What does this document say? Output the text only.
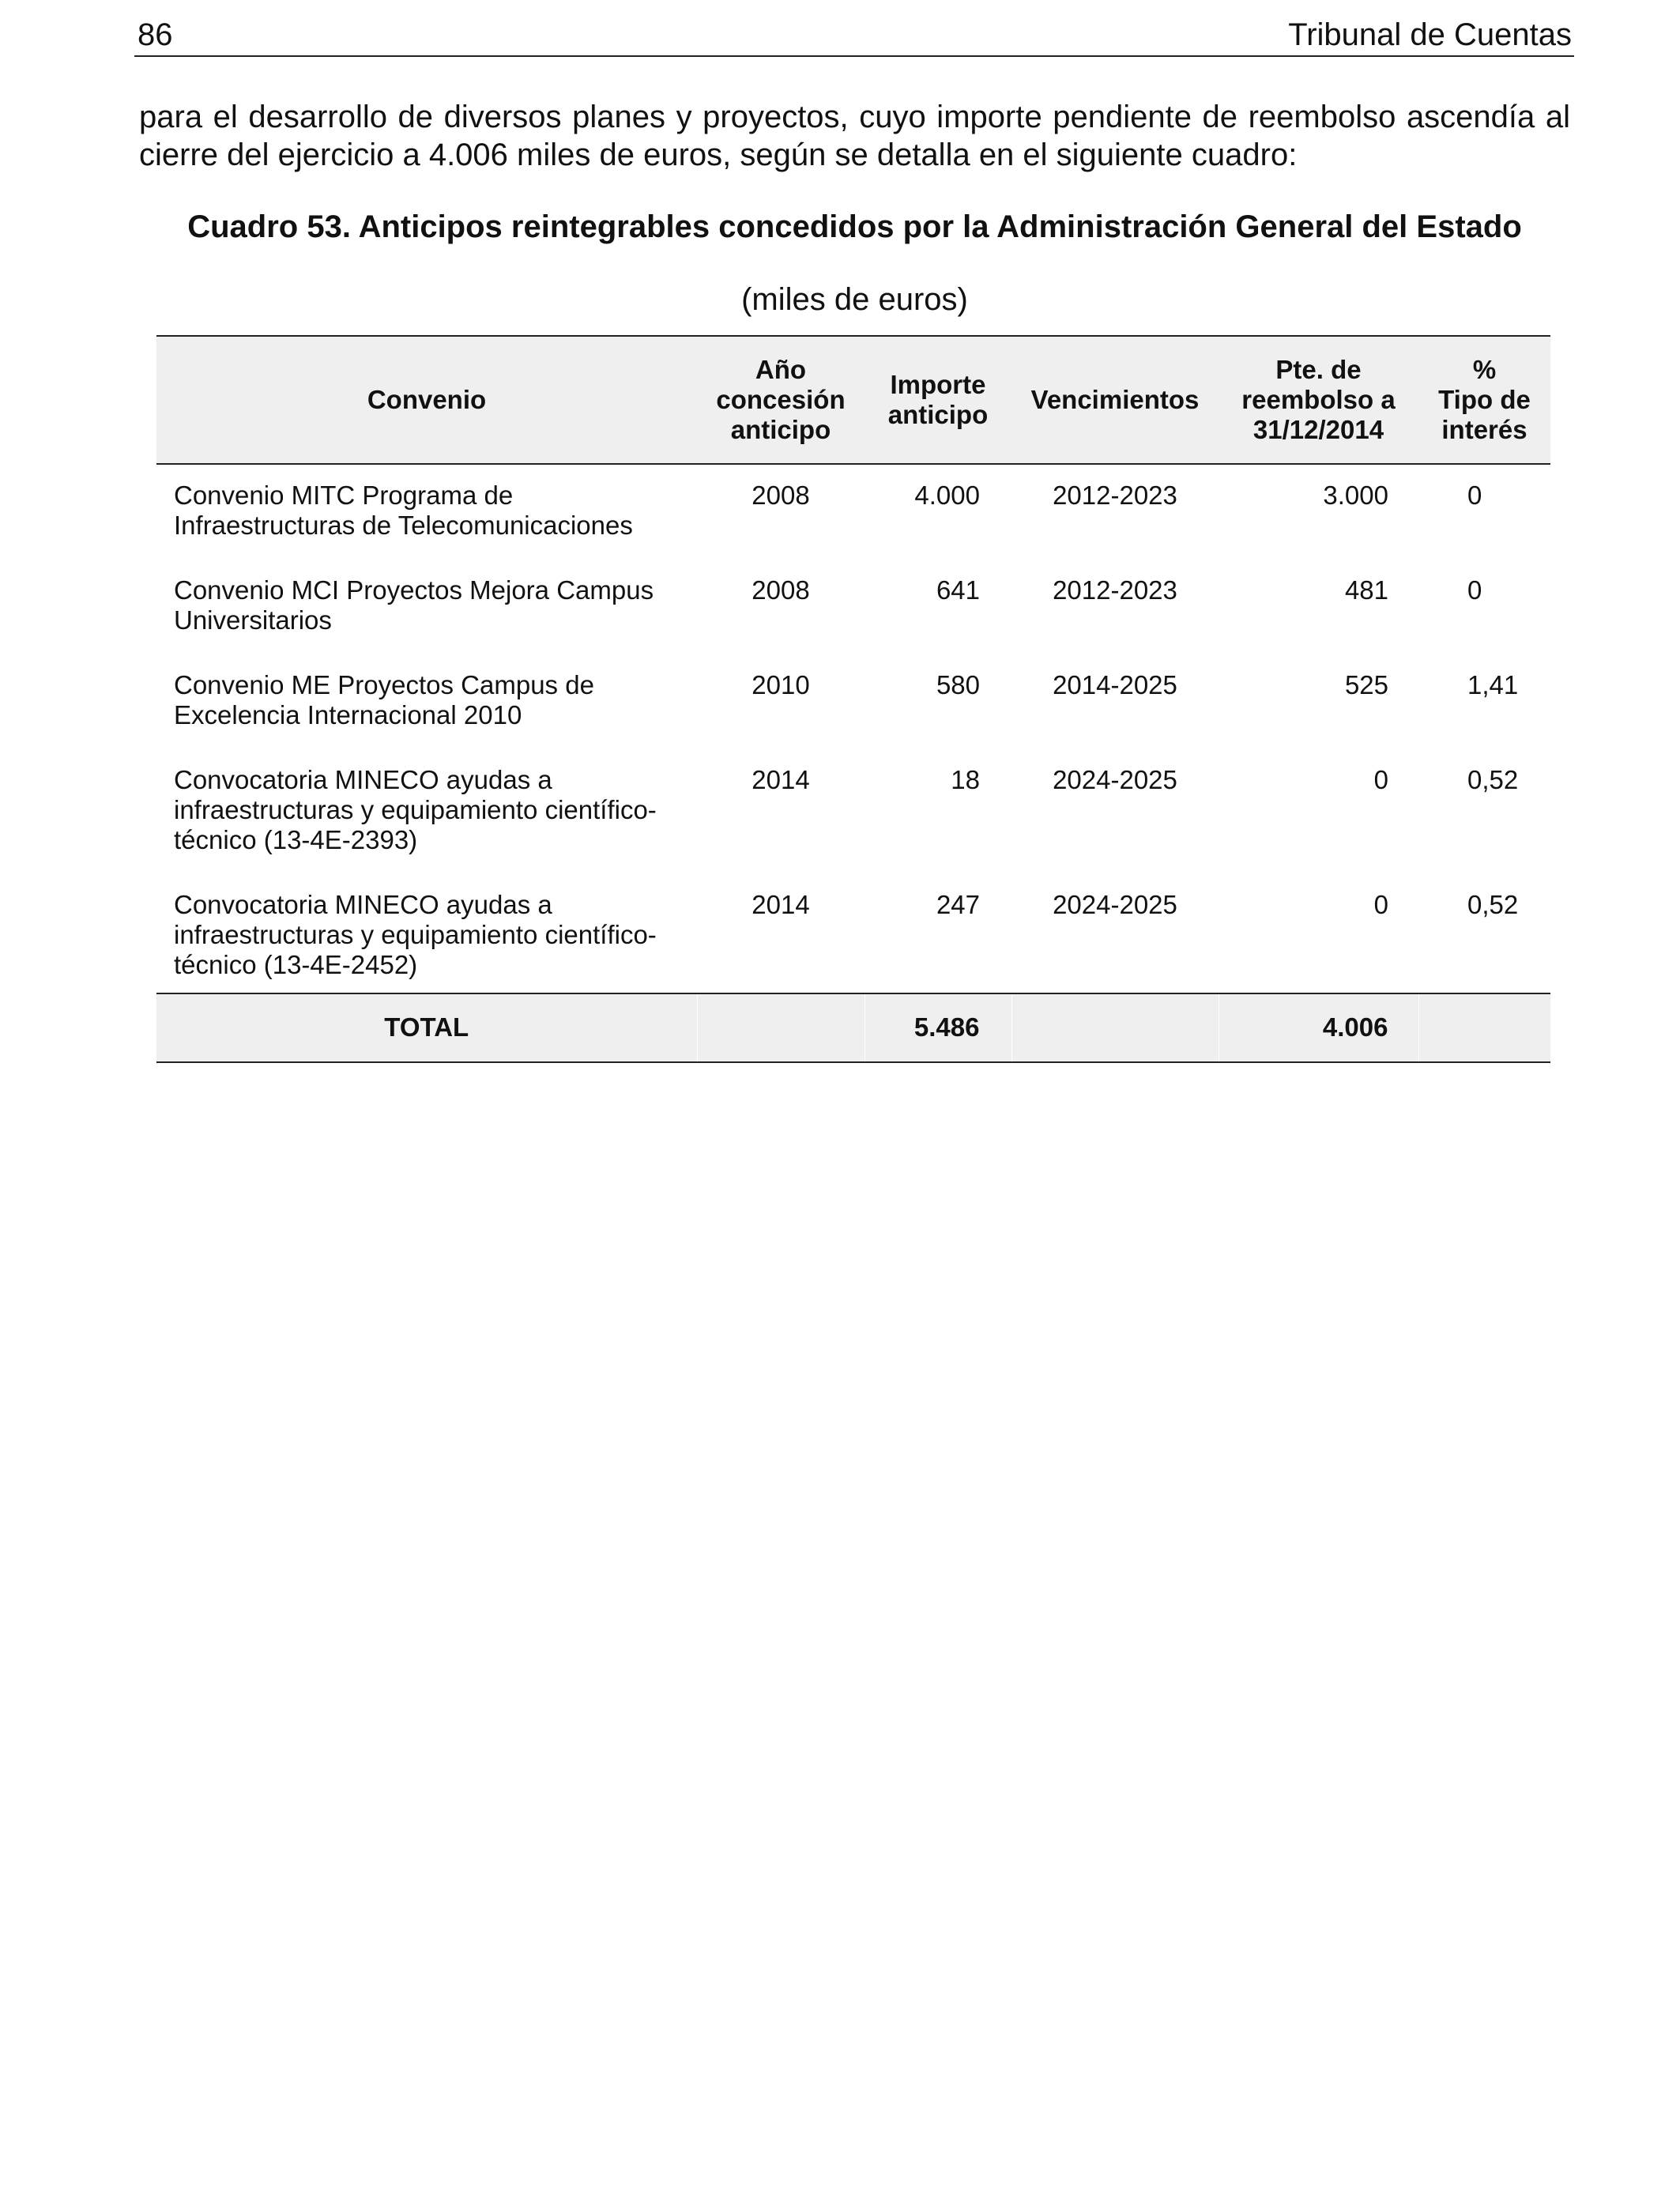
86	Tribunal de Cuentas

para el desarrollo de diversos planes y proyectos, cuyo importe pendiente de reembolso ascendía al cierre del ejercicio a 4.006 miles de euros, según se detalla en el siguiente cuadro:

Cuadro 53. Anticipos reintegrables concedidos por la Administración General del Estado
(miles de euros)
Convenio	Año
concesión
anticipo	Importe
anticipo	Vencimientos	Pte. de
reembolso a
31/12/2014	%
Tipo de
interés
Convenio MITC Programa de
Infraestructuras de Telecomunicaciones	2008	4.000	2012-2023	3.000	0
Convenio MCI Proyectos Mejora Campus
Universitarios	2008	641	2012-2023	481	0
Convenio ME Proyectos Campus de
Excelencia Internacional 2010	2010	580	2014-2025	525	1,41
Convocatoria MINECO ayudas a
infraestructuras y equipamiento científico-
técnico (13-4E-2393)	2014	18	2024-2025	0	0,52
Convocatoria MINECO ayudas a
infraestructuras y equipamiento científico-
técnico (13-4E-2452)	2014	247	2024-2025	0	0,52
TOTAL		5.486		4.006	
